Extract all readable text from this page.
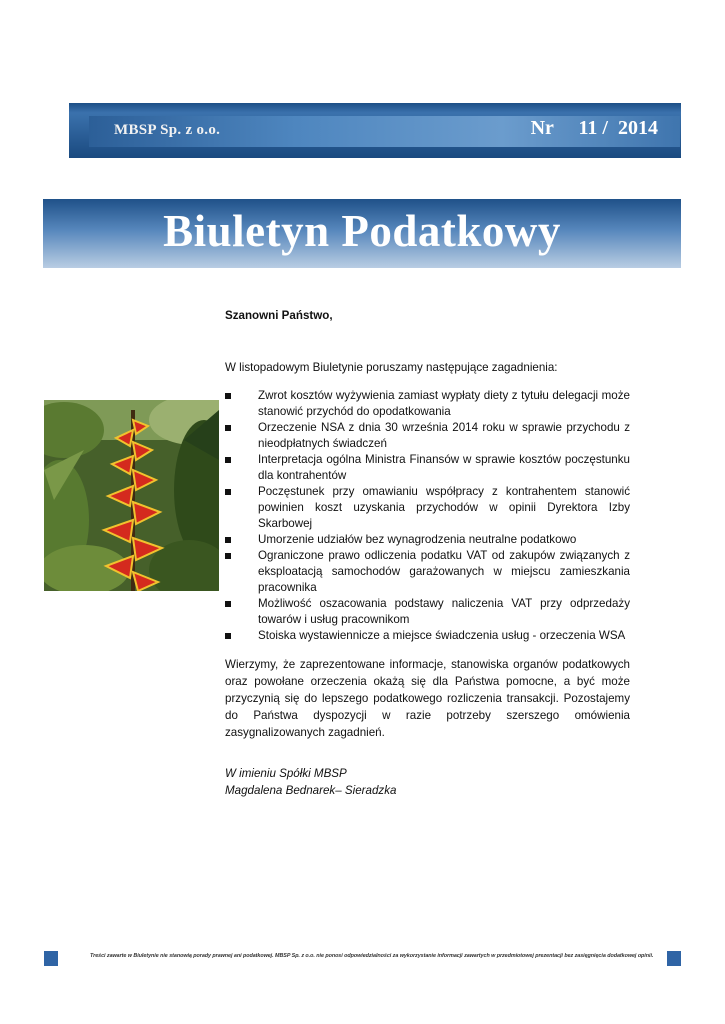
MBSP Sp. z o.o.	Nr     11 /  2014
Biuletyn Podatkowy

Szanowni Państwo,

W listopadowym Biuletynie poruszamy następujące zagadnienia:

Zwrot kosztów wyżywienia zamiast wypłaty diety z tytułu delegacji może stanowić przychód do opodatkowania
Orzeczenie NSA z dnia 30 września 2014 roku w sprawie przychodu z nieodpłatnych świadczeń
Interpretacja ogólna Ministra Finansów w sprawie kosztów poczęstunku dla kontrahentów
Poczęstunek przy omawianiu współpracy z kontrahentem stanowić powinien koszt uzyskania przychodów w opinii Dyrektora Izby Skarbowej
Umorzenie udziałów bez wynagrodzenia neutralne podatkowo
Ograniczone prawo odliczenia podatku VAT od zakupów związanych z eksploatacją samochodów garażowanych w miejscu zamieszkania pracownika
Możliwość oszacowania podstawy naliczenia VAT przy odprzedaży towarów i usług pracownikom
Stoiska wystawiennicze a miejsce świadczenia usług - orzeczenia WSA

Wierzymy, że zaprezentowane informacje, stanowiska organów podatkowych oraz powołane orzeczenia okażą się dla Państwa pomocne, a być może przyczynią się do lepszego podatkowego rozliczenia transakcji. Pozostajemy do Państwa dyspozycji w razie potrzeby szerszego omówienia zasygnalizowanych zagadnień.

W imieniu Spółki MBSP
Magdalena Bednarek– Sieradzka

Treści zawarte w Biuletynie nie stanowią porady prawnej ani podatkowej. MBSP Sp. z o.o. nie ponosi odpowiedzialności za wykorzystanie informacji zawartych w przedmiotowej prezentacji bez zasięgnięcia dodatkowej opinii.
